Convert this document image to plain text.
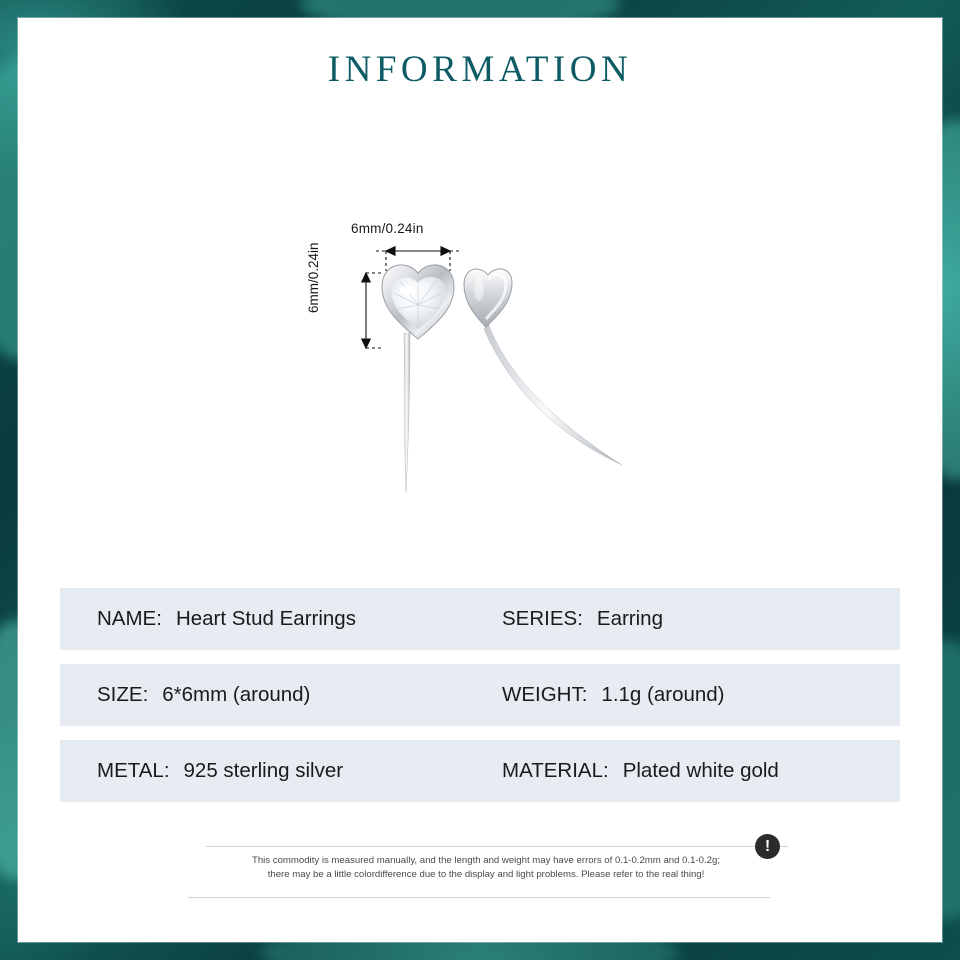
INFORMATION
6mm/0.24in
6mm/0.24in
NAME: Heart Stud Earrings	SERIES: Earring
SIZE: 6*6mm (around)	WEIGHT: 1.1g (around)
METAL: 925 sterling silver	MATERIAL: Plated white gold
This commodity is measured manually, and the length and weight may have errors of 0.1-0.2mm and 0.1-0.2g;
there may be a little colordifference due to the display and light problems. Please refer to the real thing!
!
